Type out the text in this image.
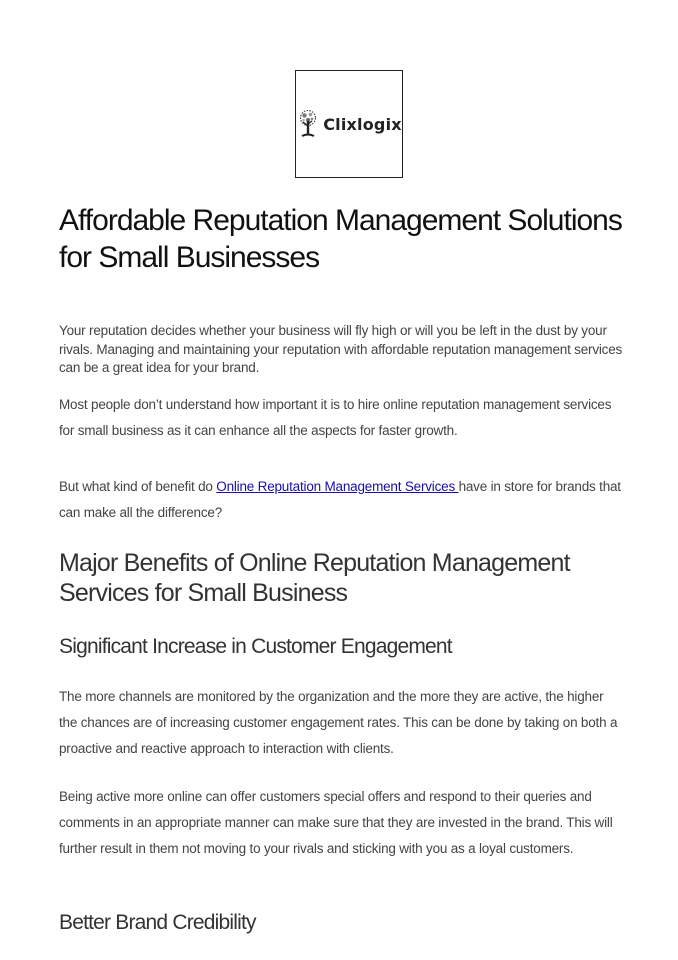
Clixlogix
Affordable Reputation Management Solutions for Small Businesses

Your reputation decides whether your business will fly high or will you be left in the dust by your rivals. Managing and maintaining your reputation with affordable reputation management services can be a great idea for your brand.

Most people don’t understand how important it is to hire online reputation management services for small business as it can enhance all the aspects for faster growth.

But what kind of benefit do Online Reputation Management Services have in store for brands that can make all the difference?

Major Benefits of Online Reputation Management Services for Small Business
Significant Increase in Customer Engagement

The more channels are monitored by the organization and the more they are active, the higher the chances are of increasing customer engagement rates. This can be done by taking on both a proactive and reactive approach to interaction with clients.

Being active more online can offer customers special offers and respond to their queries and comments in an appropriate manner can make sure that they are invested in the brand. This will further result in them not moving to your rivals and sticking with you as a loyal customers.

Better Brand Credibility
